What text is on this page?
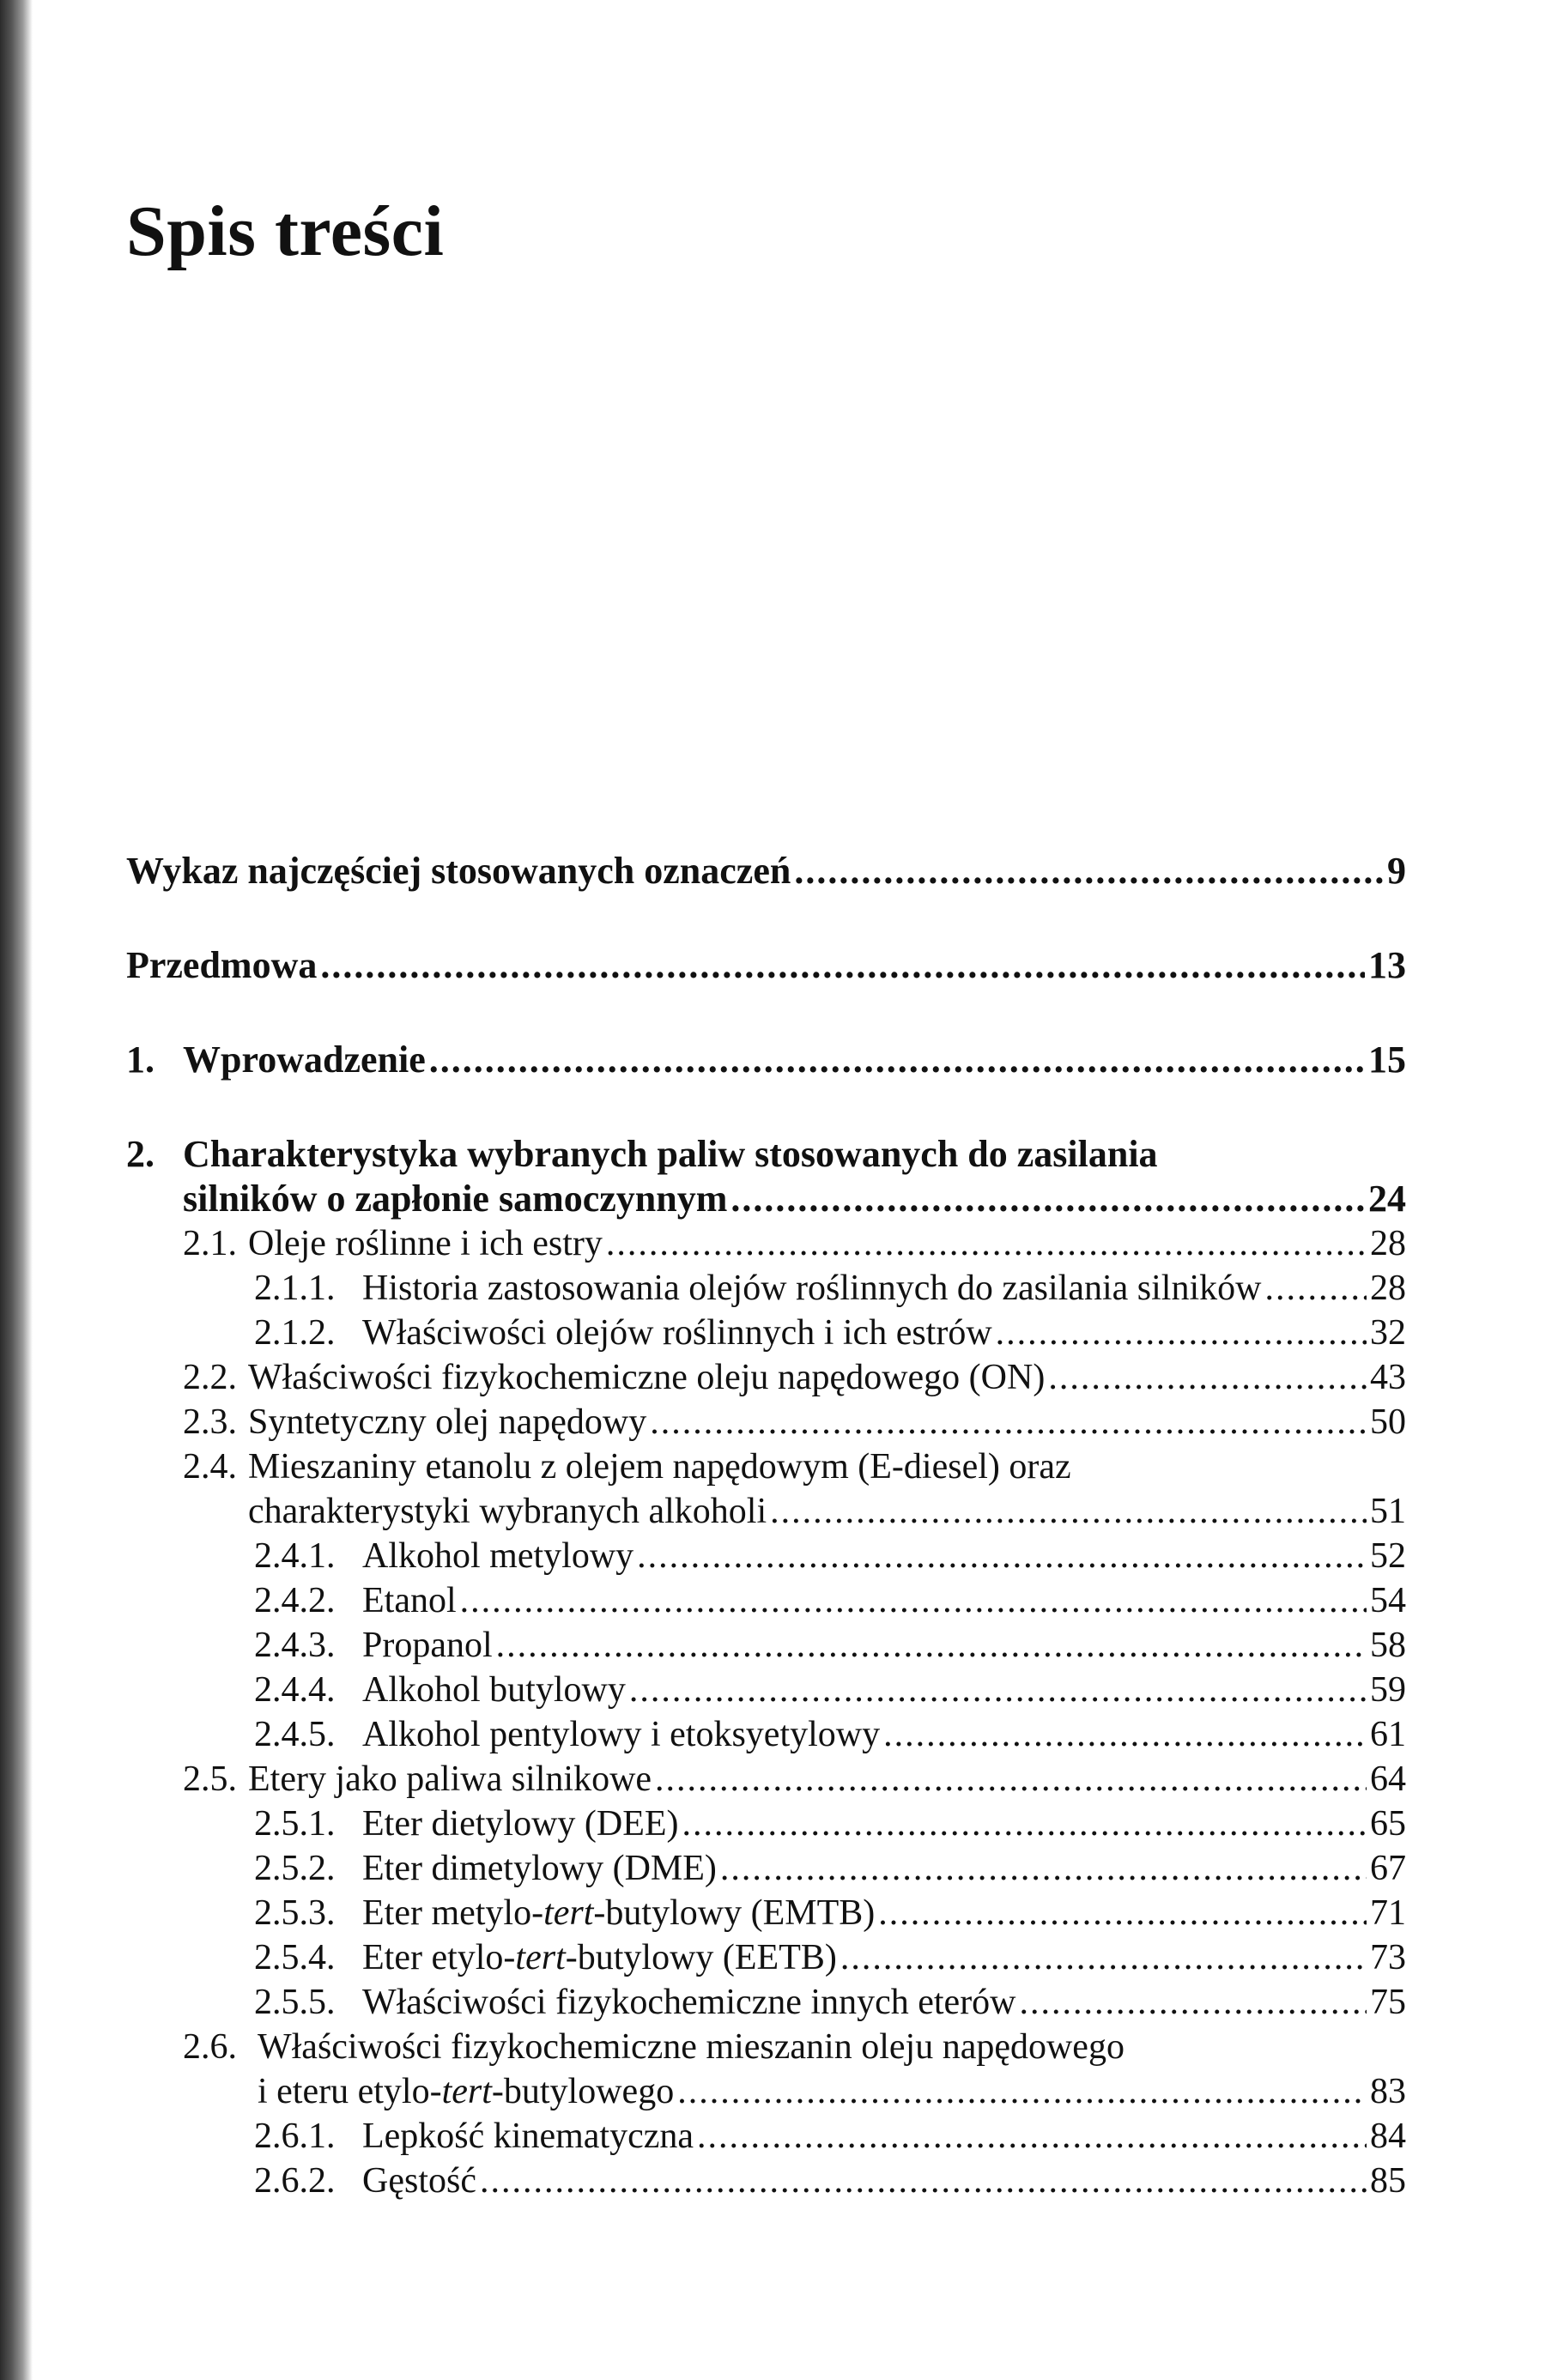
Spis treści
Wykaz najczęściej stosowanych oznaczeń .....	9
Przedmowa .....	13
1. Wprowadzenie .....	15
2. Charakterystyka wybranych paliw stosowanych do zasilania
silników o zapłonie samoczynnym .....	24
2.1. Oleje roślinne i ich estry .....	28
2.1.1. Historia zastosowania olejów roślinnych do zasilania silników .....	28
2.1.2. Właściwości olejów roślinnych i ich estrów .....	32
2.2. Właściwości fizykochemiczne oleju napędowego (ON) .....	43
2.3. Syntetyczny olej napędowy .....	50
2.4. Mieszaniny etanolu z olejem napędowym (E-diesel) oraz
charakterystyki wybranych alkoholi .....	51
2.4.1. Alkohol metylowy .....	52
2.4.2. Etanol .....	54
2.4.3. Propanol .....	58
2.4.4. Alkohol butylowy .....	59
2.4.5. Alkohol pentylowy i etoksyetylowy .....	61
2.5. Etery jako paliwa silnikowe .....	64
2.5.1. Eter dietylowy (DEE) .....	65
2.5.2. Eter dimetylowy (DME) .....	67
2.5.3. Eter metylo-tert-butylowy (EMTB) .....	71
2.5.4. Eter etylo-tert-butylowy (EETB) .....	73
2.5.5. Właściwości fizykochemiczne innych eterów .....	75
2.6. Właściwości fizykochemiczne mieszanin oleju napędowego
i eteru etylo-tert-butylowego .....	83
2.6.1. Lepkość kinematyczna .....	84
2.6.2. Gęstość .....	85
